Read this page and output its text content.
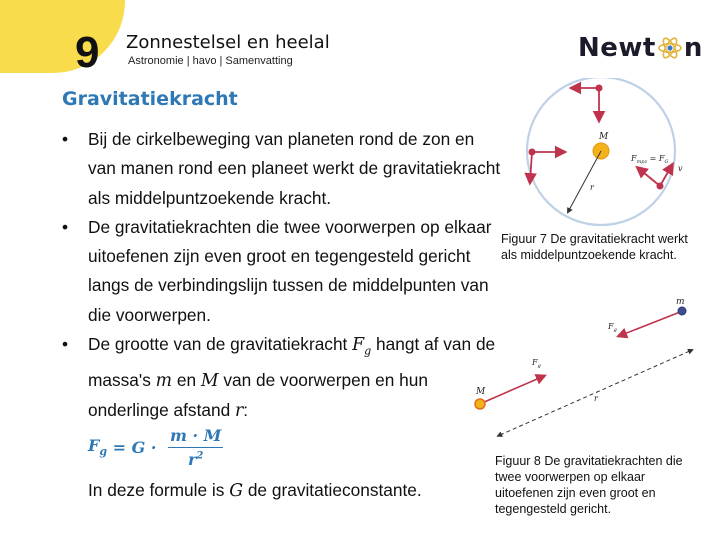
9 Zonnestelsel en heelal
Astronomie | havo | Samenvatting	Newt n
Gravitatiekracht
• Bij de cirkelbeweging van planeten rond de zon en van manen rond een planeet werkt de gravitatiekracht als middelpuntzoekende kracht.
• De gravitatiekrachten die twee voorwerpen op elkaar uitoefenen zijn even groot en tegengesteld gericht langs de verbindingslijn tussen de middelpunten van die voorwerpen.
• De grootte van de gravitatiekracht $F_g$ hangt af van de massa's m en M van de voorwerpen en hun onderlinge afstand r:
$F_g = G \cdot \frac{m \cdot M}{r^2}$
In deze formule is G de gravitatieconstante.
M
$F_{mpz} = F_G$
v
r
Figuur 7 De gravitatiekracht werkt als middelpuntzoekende kracht.
m
M
$F_g$
$F_g$
r
Figuur 8 De gravitatiekrachten die twee voorwerpen op elkaar uitoefenen zijn even groot en tegengesteld gericht.
